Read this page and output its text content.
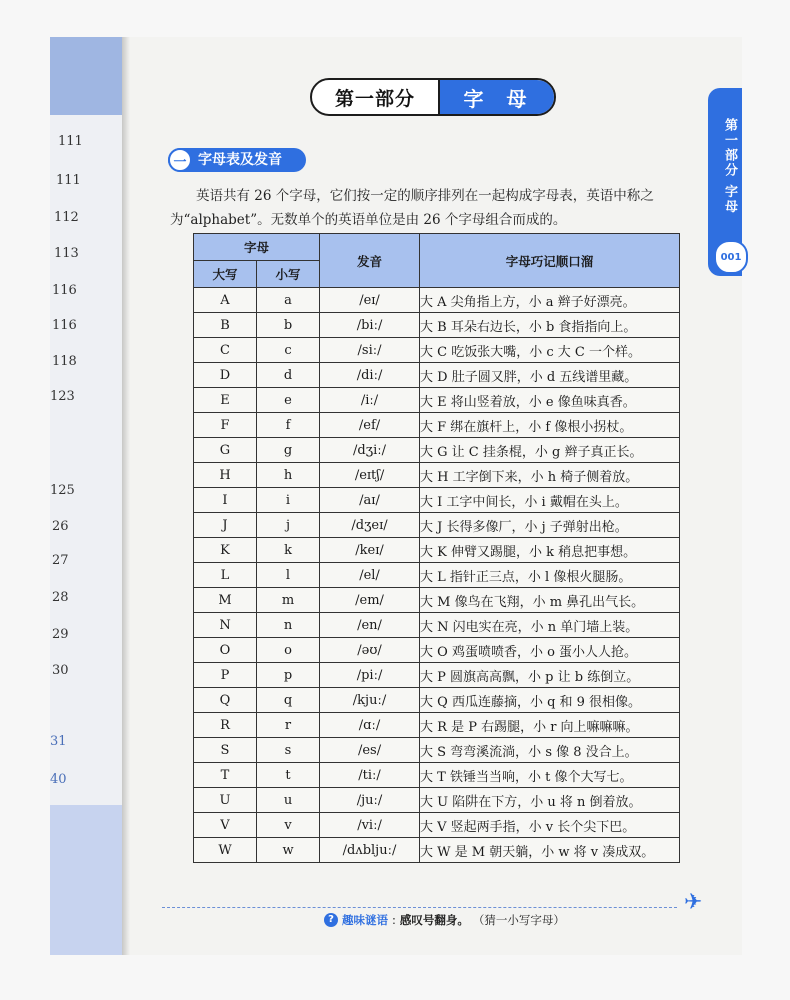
111
111
112
113
116
116
118
123
125
26
27
28
29
30
31
40
第一部分	字 母
第一部分 字母
001
一 字母表及发音
英语共有 26 个字母，它们按一定的顺序排列在一起构成字母表，英语中称之为“alphabet”。无数单个的英语单位是由 26 个字母组合而成的。
字母		发音	字母巧记顺口溜
大写	小写		
A	a	/eɪ/	大 A 尖角指上方，小 a 辫子好漂亮。
B	b	/biː/	大 B 耳朵右边长，小 b 食指指向上。
C	c	/siː/	大 C 吃饭张大嘴，小 c 大 C 一个样。
D	d	/diː/	大 D 肚子圆又胖，小 d 五线谱里藏。
E	e	/iː/	大 E 将山竖着放，小 e 像鱼味真香。
F	f	/ef/	大 F 绑在旗杆上，小 f 像根小拐杖。
G	g	/dʒiː/	大 G 让 C 挂条棍，小 g 辫子真正长。
H	h	/eɪtʃ/	大 H 工字倒下来，小 h 椅子侧着放。
I	i	/aɪ/	大 I 工字中间长，小 i 戴帽在头上。
J	j	/dʒeɪ/	大 J 长得多像厂，小 j 子弹射出枪。
K	k	/keɪ/	大 K 伸臂又踢腿，小 k 稍息把事想。
L	l	/el/	大 L 指针正三点，小 l 像根火腿肠。
M	m	/em/	大 M 像鸟在飞翔，小 m 鼻孔出气长。
N	n	/en/	大 N 闪电实在亮，小 n 单门墙上装。
O	o	/əʊ/	大 O 鸡蛋喷喷香，小 o 蛋小人人抢。
P	p	/piː/	大 P 圆旗高高飘，小 p 让 b 练倒立。
Q	q	/kjuː/	大 Q 西瓜连藤摘，小 q 和 9 很相像。
R	r	/ɑː/	大 R 是 P 右踢腿，小 r 向上嘛嘛嘛。
S	s	/es/	大 S 弯弯溪流淌，小 s 像 8 没合上。
T	t	/tiː/	大 T 铁锤当当响，小 t 像个大写七。
U	u	/juː/	大 U 陷阱在下方，小 u 将 n 倒着放。
V	v	/viː/	大 V 竖起两手指，小 v 长个尖下巴。
W	w	/dʌbljuː/	大 W 是 M 朝天躺，小 w 将 v 凑成双。
✈
? 趣味谜语 : 感叹号翻身。 （猜一小写字母）
